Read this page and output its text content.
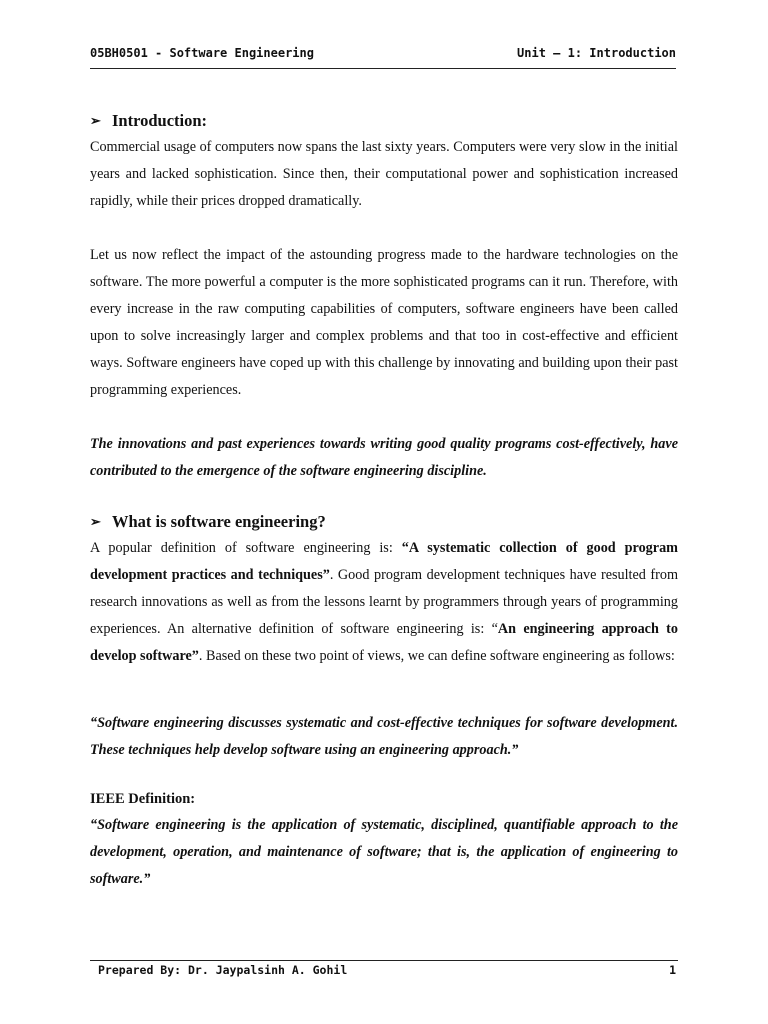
05BH0501 - Software Engineering	Unit – 1: Introduction
➢ Introduction:

Commercial usage of computers now spans the last sixty years. Computers were very slow in the initial years and lacked sophistication. Since then, their computational power and sophistication increased rapidly, while their prices dropped dramatically.

Let us now reflect the impact of the astounding progress made to the hardware technologies on the software. The more powerful a computer is the more sophisticated programs can it run. Therefore, with every increase in the raw computing capabilities of computers, software engineers have been called upon to solve increasingly larger and complex problems and that too in cost-effective and efficient ways. Software engineers have coped up with this challenge by innovating and building upon their past programming experiences.

The innovations and past experiences towards writing good quality programs cost-effectively, have contributed to the emergence of the software engineering discipline.

➢ What is software engineering?

A popular definition of software engineering is: “A systematic collection of good program development practices and techniques”. Good program development techniques have resulted from research innovations as well as from the lessons learnt by programmers through years of programming experiences. An alternative definition of software engineering is: “An engineering approach to develop software”. Based on these two point of views, we can define software engineering as follows:

“Software engineering discusses systematic and cost-effective techniques for software development. These techniques help develop software using an engineering approach.”

IEEE Definition:

“Software engineering is the application of systematic, disciplined, quantifiable approach to the development, operation, and maintenance of software; that is, the application of engineering to software.”

Prepared By: Dr. Jaypalsinh A. Gohil	1
